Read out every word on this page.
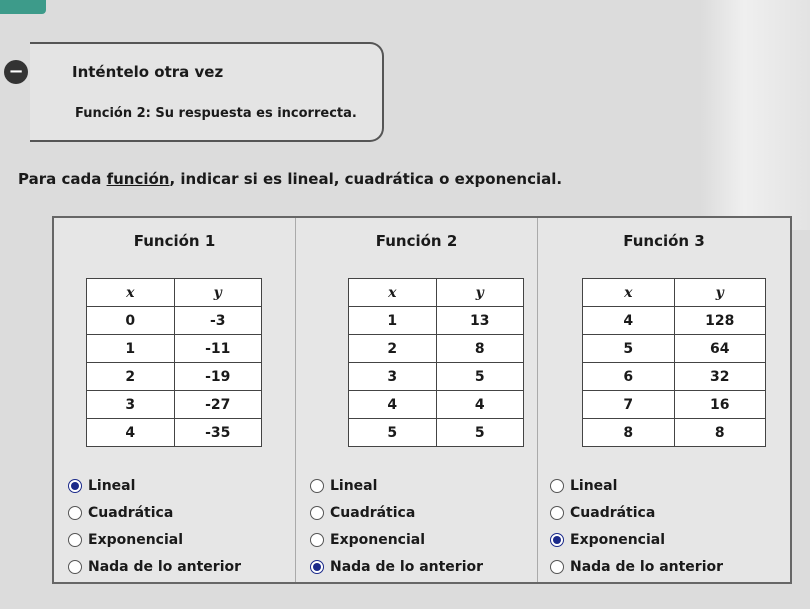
−	Inténtelo otra vez
Función 2: Su respuesta es incorrecta.
Para cada función, indicar si es lineal, cuadrática o exponencial.
Función 1
x	y
0	-3
1	-11
2	-19
3	-27
4	-35
Lineal
Cuadrática
Exponencial
Nada de lo anterior
Función 2
x	y
1	13
2	8
3	5
4	4
5	5
Lineal
Cuadrática
Exponencial
Nada de lo anterior
Función 3
x	y
4	128
5	64
6	32
7	16
8	8
Lineal
Cuadrática
Exponencial
Nada de lo anterior
